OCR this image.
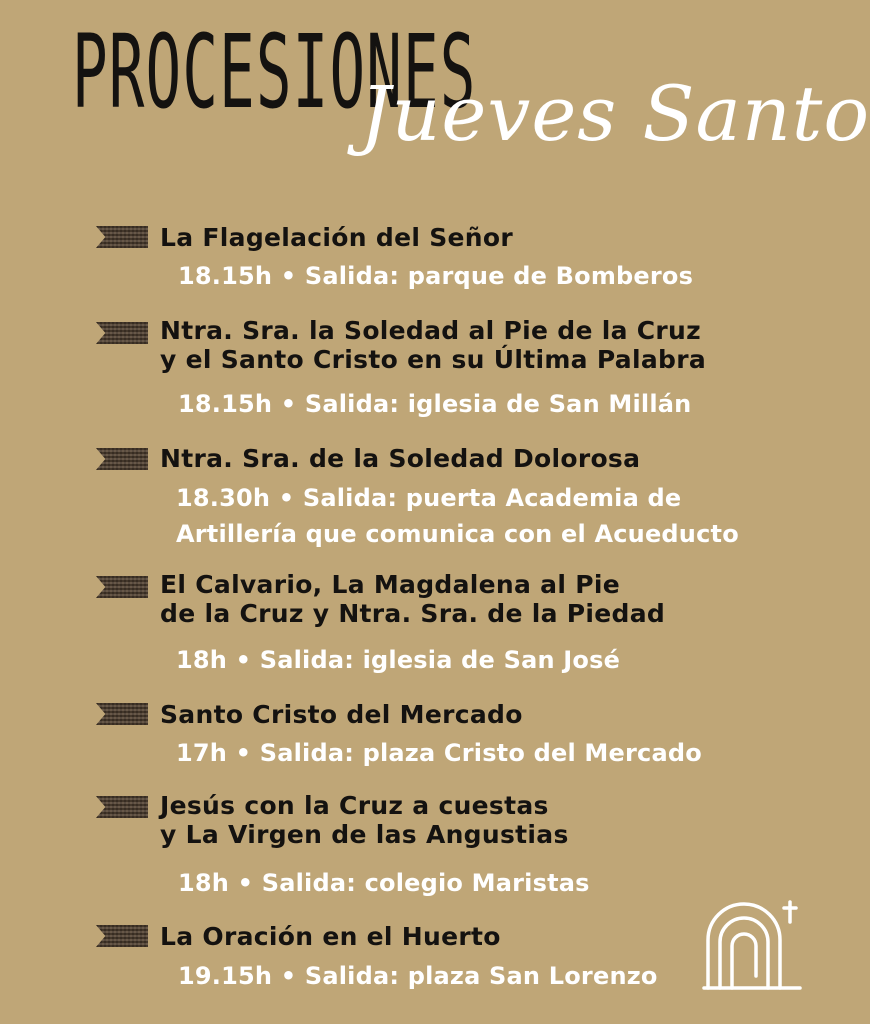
PROCESIONES
Jueves Santo
La Flagelación del Señor
18.15h • Salida: parque de Bomberos
Ntra. Sra. la Soledad al Pie de la Cruz
y el Santo Cristo en su Última Palabra
18.15h • Salida: iglesia de San Millán
Ntra. Sra. de la Soledad Dolorosa
18.30h • Salida: puerta Academia de
Artillería que comunica con el Acueducto
El Calvario, La Magdalena al Pie
de la Cruz y Ntra. Sra. de la Piedad
18h • Salida: iglesia de San José
Santo Cristo del Mercado
17h • Salida: plaza Cristo del Mercado
Jesús con la Cruz a cuestas
y La Virgen de las Angustias
18h • Salida: colegio Maristas
La Oración en el Huerto
19.15h • Salida: plaza San Lorenzo
